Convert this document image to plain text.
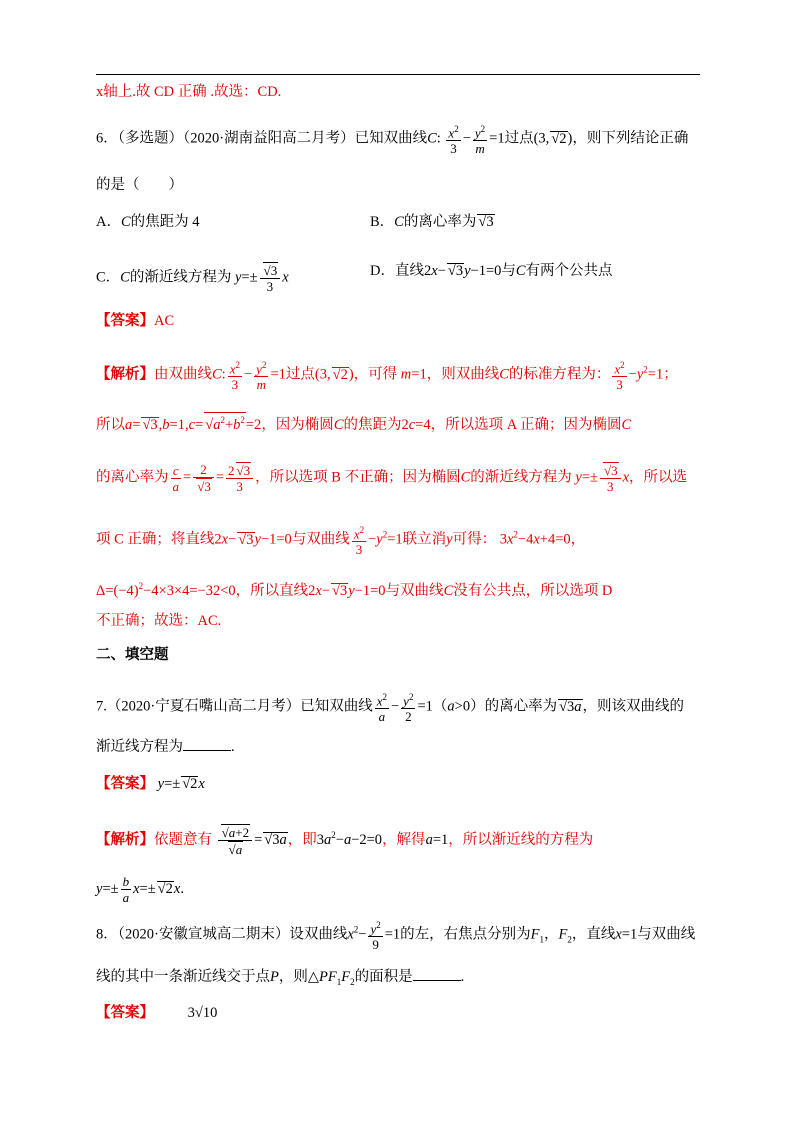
x轴上.故 CD 正确 .故选：CD.
6．（多选题）（2020·湖南益阳高二月考）已知双曲线C: $\frac{x^2}{3} - \frac{y^2}{m} =1$过点(3,√ 2)，则下列结论正确
的是（　　）
A．C的焦距为 4	B．C的离心率为√ 3
C．C的渐近线方程为 y=±
√ $\frac{3}{3}$ x	D．直线2x−√ 3y−1=0与C有两个公共点
【答案】AC
【解析】由双曲线C: $\frac{x^2}{3} - \frac{y^2}{m} =1$过点(3,√ 2)，可得 m=1，则双曲线C的标准方程为： $\frac{x^2}{3} -y^2=1$；
所以a=√ 3,b=1,c=√ $a^2+b^2=2$，因为椭圆C的焦距为2c=4，所以选项 A 正确；因为椭圆C
的离心率为 $\frac{c}{a} = 2$
√ $3 = \frac{2√ 3}{3}$ ，所以选项 B 不正确；因为椭圆C的渐近线方程为 y=±
√ $\frac{3}{3}$ x，所以选
项 C 正确；将直线2x−√ 3y−1=0与双曲线 $\frac{x^2}{3} -y^2=1$联立消y可得： $3x^2-4x+4=0$，
$\Delta=(-4)^2-4\times 3\times 4=-32<0$，所以直线2x−√ 3y−1=0与双曲线C没有公共点，所以选项 D
不正确；故选：AC.
二、填空题
7.（2020·宁夏石嘴山高二月考）已知双曲线 $\frac{x^2}{a} - \frac{y^2}{2} =1(a>0)$的离心率为√ 3a，则该双曲线的
渐近线方程为	.
【答案】 y=±√ 2x
【解析】依题意有
√ a+2
√ a =√ 3a，即$3a^2-a-2=0$，解得a=1，所以渐近线的方程为
$y=\pm \frac{b}{a} x=\pm√$ 2x.
8．（2020·安徽宣城高二期末）设双曲线$x^2- \frac{y^2}{9} =1$的左，右焦点分别为$F_1$，$F_2$，直线x=1与双曲线
线的其中一条渐近线交于点P，则$\triangle PF_1F_2$的面积是	.
【答案】 3√10
